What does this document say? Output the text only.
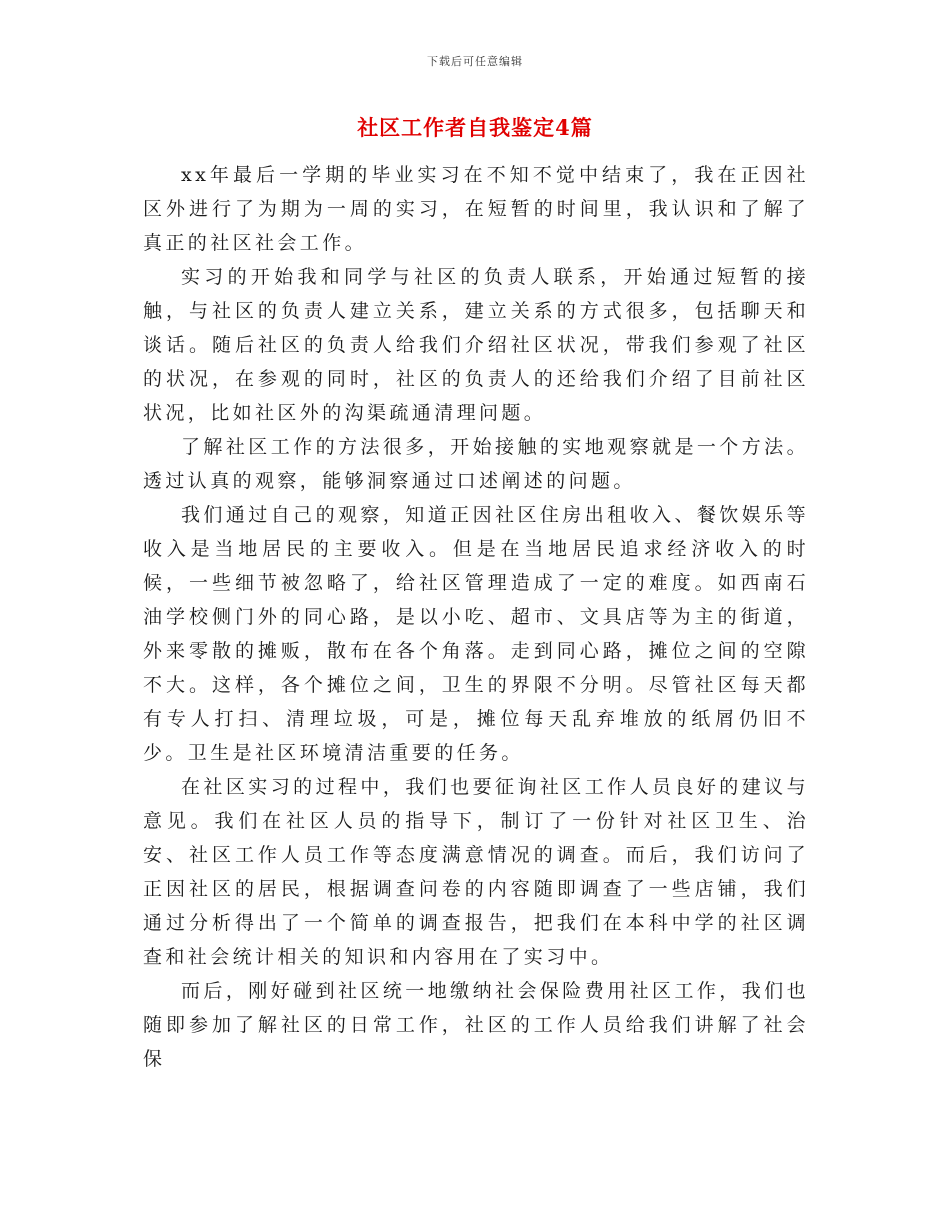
下载后可任意编辑
社区工作者自我鉴定4篇

xx年最后一学期的毕业实习在不知不觉中结束了，我在正因社区外进行了为期为一周的实习，在短暂的时间里，我认识和了解了真正的社区社会工作。

实习的开始我和同学与社区的负责人联系，开始通过短暂的接触，与社区的负责人建立关系，建立关系的方式很多，包括聊天和谈话。随后社区的负责人给我们介绍社区状况，带我们参观了社区的状况，在参观的同时，社区的负责人的还给我们介绍了目前社区状况，比如社区外的沟渠疏通清理问题。

了解社区工作的方法很多，开始接触的实地观察就是一个方法。透过认真的观察，能够洞察通过口述阐述的问题。

我们通过自己的观察，知道正因社区住房出租收入、餐饮娱乐等收入是当地居民的主要收入。但是在当地居民追求经济收入的时候，一些细节被忽略了，给社区管理造成了一定的难度。如西南石油学校侧门外的同心路，是以小吃、超市、文具店等为主的街道，外来零散的摊贩，散布在各个角落。走到同心路，摊位之间的空隙不大。这样，各个摊位之间，卫生的界限不分明。尽管社区每天都有专人打扫、清理垃圾，可是，摊位每天乱弃堆放的纸屑仍旧不少。卫生是社区环境清洁重要的任务。

在社区实习的过程中，我们也要征询社区工作人员良好的建议与意见。我们在社区人员的指导下，制订了一份针对社区卫生、治安、社区工作人员工作等态度满意情况的调查。而后，我们访问了正因社区的居民，根据调查问卷的内容随即调查了一些店铺，我们通过分析得出了一个简单的调查报告，把我们在本科中学的社区调查和社会统计相关的知识和内容用在了实习中。

而后，刚好碰到社区统一地缴纳社会保险费用社区工作，我们也随即参加了解社区的日常工作，社区的工作人员给我们讲解了社会保
